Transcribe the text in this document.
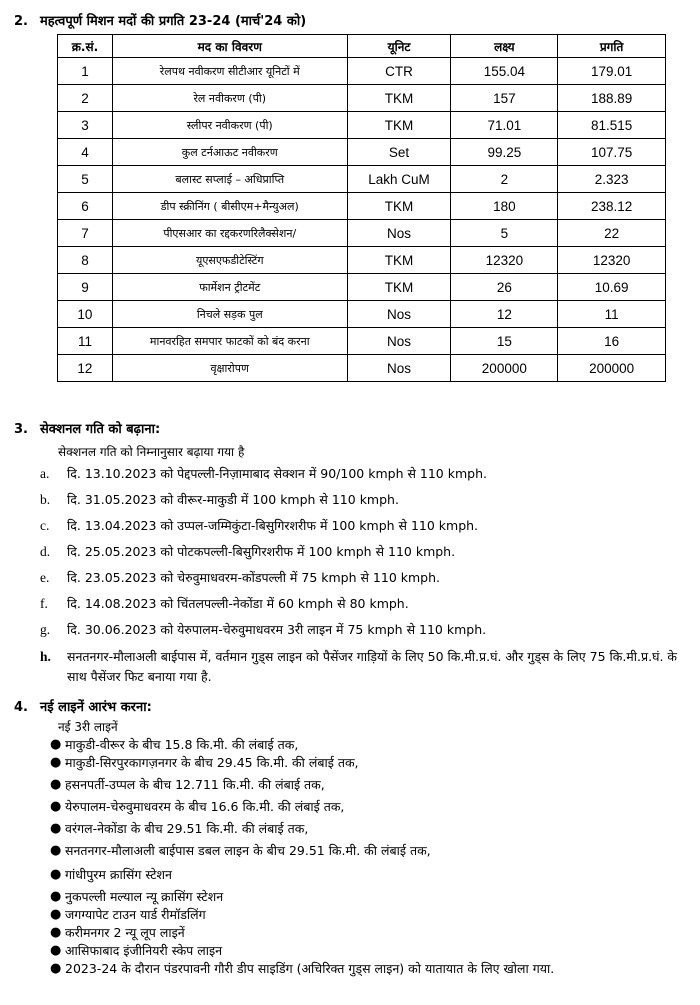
2. महत्वपूर्ण मिशन मदों की प्रगति 23-24 (मार्च'24 को)
क्र.सं.	मद का विवरण	यूनिट	लक्ष्य	प्रगति
1	रेलपथ नवीकरण सीटीआर यूनिटों में	CTR	155.04	179.01
2	रेल नवीकरण (पी)	TKM	157	188.89
3	स्लीपर नवीकरण (पी)	TKM	71.01	81.515
4	कुल टर्नआऊट नवीकरण	Set	99.25	107.75
5	बलास्ट सप्लाई – अधिप्राप्ति	Lakh CuM	2	2.323
6	डीप स्क्रीनिंग ( बीसीएम+मैन्युअल)	TKM	180	238.12
7	पीएसआर का रद्दकरणरिलैक्सेशन/	Nos	5	22
8	यूएसएफडीटेस्टिंग	TKM	12320	12320
9	फार्मेशन ट्रीटमेंट	TKM	26	10.69
10	निचले सड़क पुल	Nos	12	11
11	मानवरहित समपार फाटकों को बंद करना	Nos	15	16
12	वृक्षारोपण	Nos	200000	200000
3. सेक्शनल गति को बढ़ाना:
सेक्शनल गति को निम्नानुसार बढ़ाया गया है
a. दि. 13.10.2023 को पेद्दपल्ली-निज़ामाबाद सेक्शन में 90/100 kmph से 110 kmph.
b. दि. 31.05.2023 को वीरूर-माकुडी में 100 kmph से 110 kmph.
c. दि. 13.04.2023 को उप्पल-जम्मिकुंटा-बिसुगिरशरीफ में 100 kmph से 110 kmph.
d. दि. 25.05.2023 को पोटकपल्ली-बिसुगिरशरीफ में 100 kmph से 110 kmph.
e. दि. 23.05.2023 को चेरुवुमाधवरम-कोंडपल्ली में 75 kmph से 110 kmph.
f. दि. 14.08.2023 को चिंतलपल्ली-नेकोंडा में 60 kmph से 80 kmph.
g. दि. 30.06.2023 को येरुपालम-चेरुवुमाधवरम 3री लाइन में 75 kmph से 110 kmph.
h. सनतनगर-मौलाअली बाईपास में, वर्तमान गुड्स लाइन को पैसेंजर गाड़ियों के लिए 50 कि.मी.प्र.घं. और गुड्स के लिए 75 कि.मी.प्र.घं. के साथ पैसेंजर फिट बनाया गया है.
4. नई लाइनें आरंभ करना:
नई 3री लाइनें
● माकुडी-वीरूर के बीच 15.8 कि.मी. की लंबाई तक,
● माकुडी-सिरपुरकागज़नगर के बीच 29.45 कि.मी. की लंबाई तक,
● हसनपर्ती-उप्पल के बीच 12.711 कि.मी. की लंबाई तक,
● येरुपालम-चेरुवुमाधवरम के बीच 16.6 कि.मी. की लंबाई तक,
● वरंगल-नेकोंडा के बीच 29.51 कि.मी. की लंबाई तक,
● सनतनगर-मौलाअली बाईपास डबल लाइन के बीच 29.51 कि.मी. की लंबाई तक,
● गांधीपुरम क्रासिंग स्टेशन
● नुकपल्ली मल्याल न्यू क्रासिंग स्टेशन
● जगग्यापेट टाउन यार्ड रीमॉडलिंग
● करीमनगर 2 न्यू लूप लाइनें
● आसिफाबाद इंजीनियरी स्केप लाइन
● 2023-24 के दौरान पंडरपावनी गौरी डीप साइडिंग (अचिरिक्त गुड्स लाइन) को यातायात के लिए खोला गया.
